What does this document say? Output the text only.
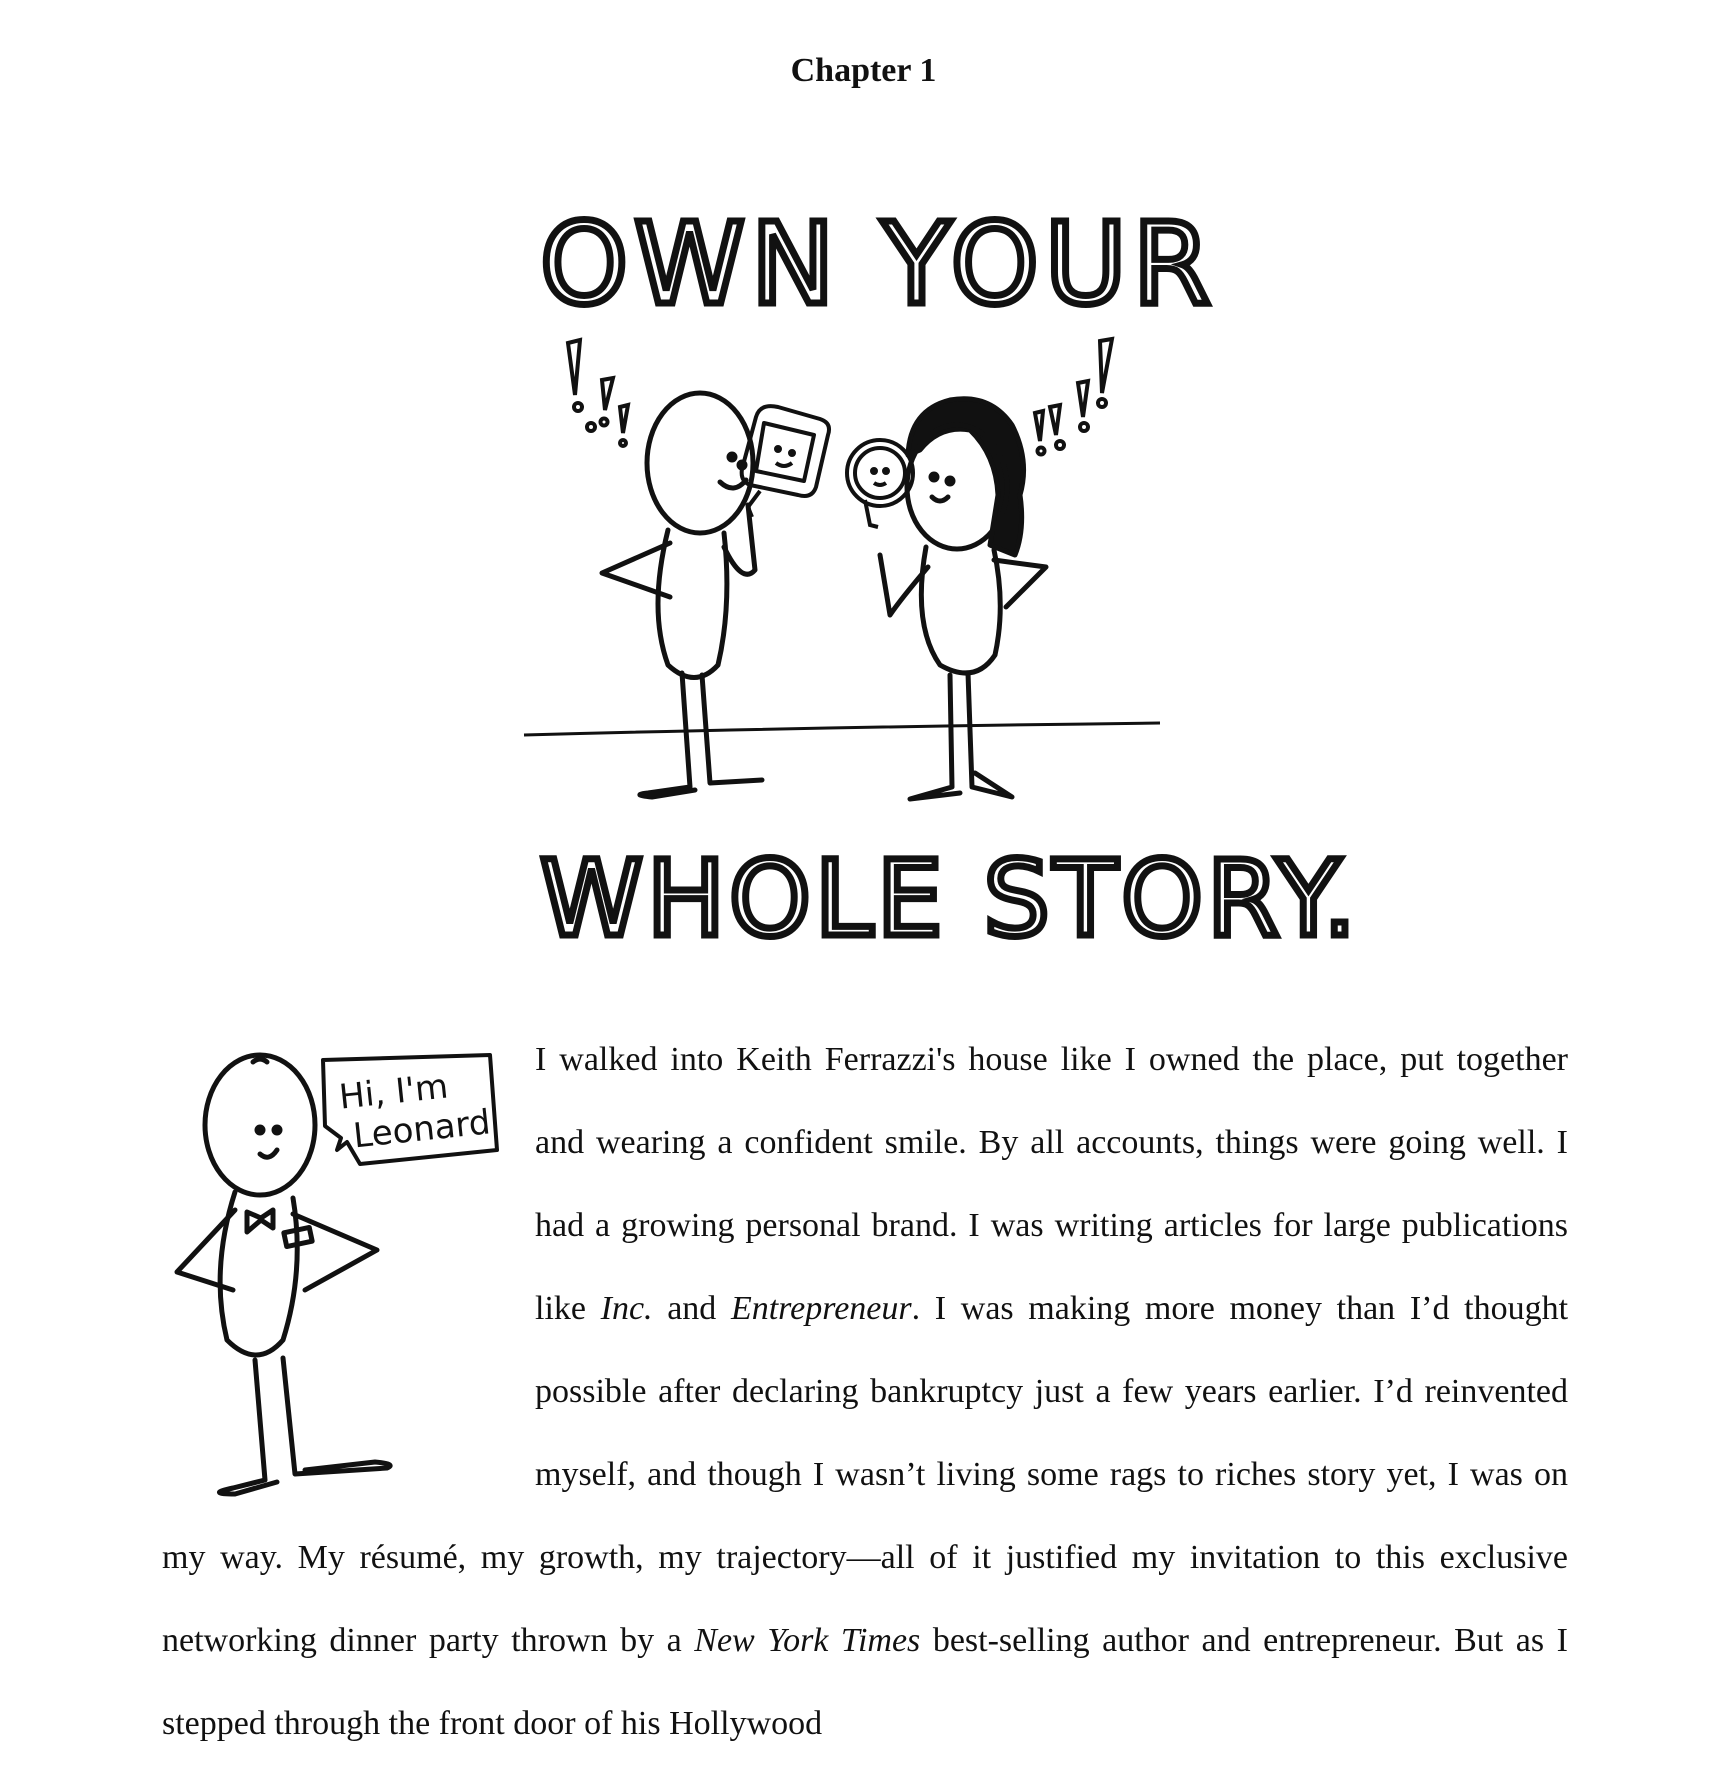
Chapter 1
OWN YOUR
WHOLE STORY.
Hi, I'mLeonard

I walked into Keith Ferrazzi's house like I owned the place, put together and wearing a confident smile. By all accounts, things were going well. I had a growing personal brand. I was writing articles for large publications like Inc. and Entrepreneur. I was making more money than I’d thought possible after declaring bankruptcy just a few years earlier. I’d reinvented myself, and though I wasn’t living some rags to riches story yet, I was on my way. My résumé, my growth, my trajectory—all of it justified my invitation to this exclusive networking dinner party thrown by a New York Times best-selling author and entrepreneur. But as I stepped through the front door of his Hollywood
